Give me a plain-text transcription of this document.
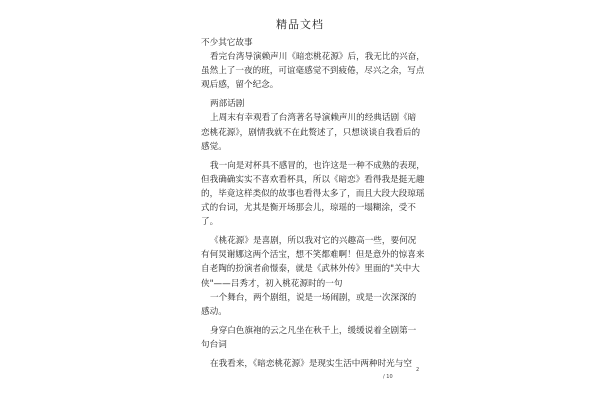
精品文档
不少其它故事
看完台湾导演赖声川《暗恋桃花源》后，我无比的兴奋，
虽然上了一夜的班，可谊毫感觉不到疲倦，尽兴之余，写点
观后感，留个纪念。
两部话剧
上周末有幸观看了台湾著名导演赖声川的经典话剧《暗
恋桃花源》，剧情我就不在此赘述了，只想谈谈自我看后的
感觉。
我一向是对杯具不感冒的，也许这是一种不成熟的表现，
但我确确实实不喜欢看杯具，所以《暗恋》看得我是挺无趣
的，毕竟这样类似的故事也看得太多了，而且大段大段琼瑶
式的台词，尤其是衡开场那会儿，琼瑶的一塌糊涂，受不
了。
《桃花源》是喜剧，所以我对它的兴趣高一些，要何况
有何炅谢娜这两个活宝，想不笑都难啊！但是意外的惊喜来
自老陶的扮演者俞憬泰，就是《武林外传》里面的"关中大
侠"——吕秀才，初入桃花源时的一句
一个舞台，两个剧组，说是一场闹剧，或是一次深深的
感动。
身穿白色旗袍的云之凡坐在秋千上，缓缓说着全剧第一
句台词
在我看来，《暗恋桃花源》是现实生活中两种时光与空
2
/ 10
